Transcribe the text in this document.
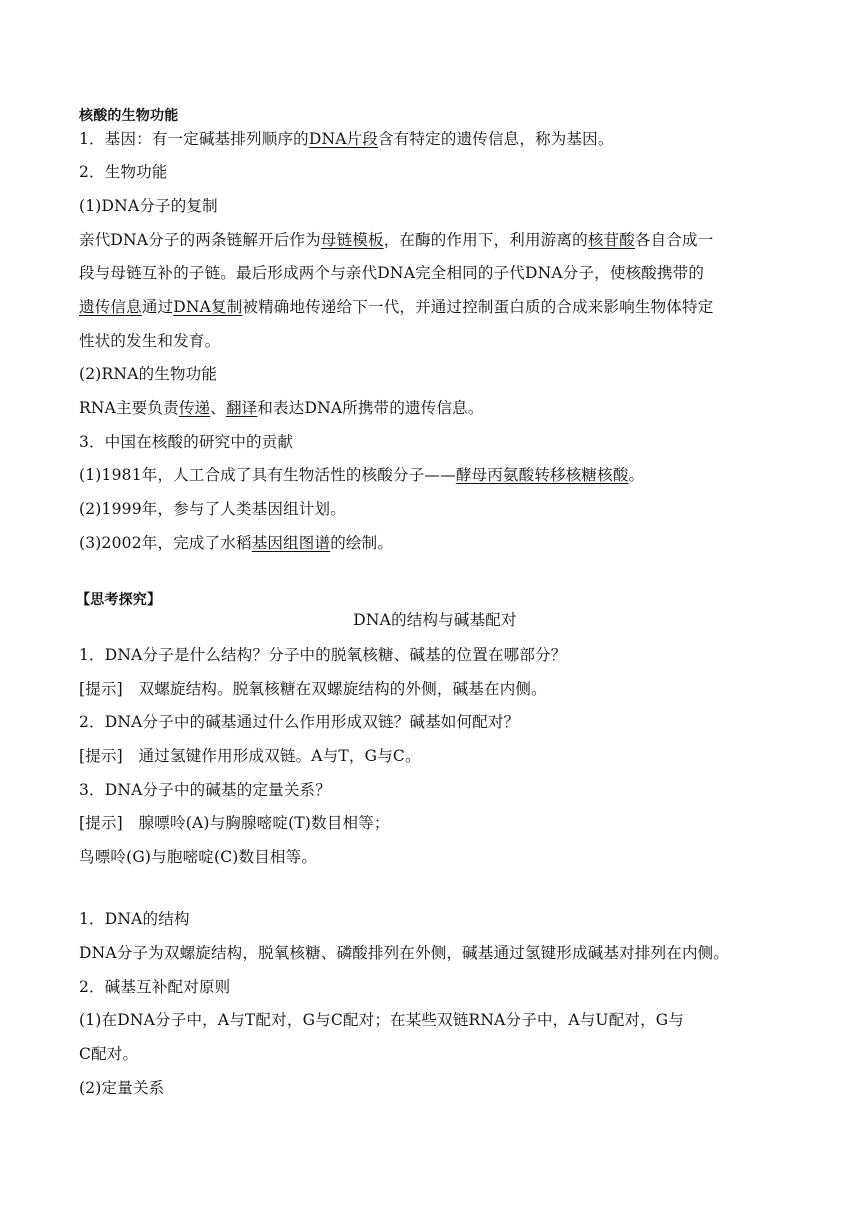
核酸的生物功能
1．基因：有一定碱基排列顺序的DNA片段含有特定的遗传信息，称为基因。
2．生物功能
(1)DNA分子的复制
亲代DNA分子的两条链解开后作为母链模板，在酶的作用下，利用游离的核苷酸各自合成一
段与母链互补的子链。最后形成两个与亲代DNA完全相同的子代DNA分子，使核酸携带的
遗传信息通过DNA复制被精确地传递给下一代，并通过控制蛋白质的合成来影响生物体特定
性状的发生和发育。
(2)RNA的生物功能
RNA主要负责传递、翻译和表达DNA所携带的遗传信息。
3．中国在核酸的研究中的贡献
(1)1981年，人工合成了具有生物活性的核酸分子——酵母丙氨酸转移核糖核酸。
(2)1999年，参与了人类基因组计划。
(3)2002年，完成了水稻基因组图谱的绘制。
【思考探究】
DNA的结构与碱基配对
1．DNA分子是什么结构？分子中的脱氧核糖、碱基的位置在哪部分？
[提示]　双螺旋结构。脱氧核糖在双螺旋结构的外侧，碱基在内侧。
2．DNA分子中的碱基通过什么作用形成双链？碱基如何配对？
[提示]　通过氢键作用形成双链。A与T，G与C。
3．DNA分子中的碱基的定量关系？
[提示]　腺嘌呤(A)与胸腺嘧啶(T)数目相等；
鸟嘌呤(G)与胞嘧啶(C)数目相等。
1．DNA的结构
DNA分子为双螺旋结构，脱氧核糖、磷酸排列在外侧，碱基通过氢键形成碱基对排列在内侧。
2．碱基互补配对原则
(1)在DNA分子中，A与T配对，G与C配对；在某些双链RNA分子中，A与U配对，G与
C配对。
(2)定量关系
